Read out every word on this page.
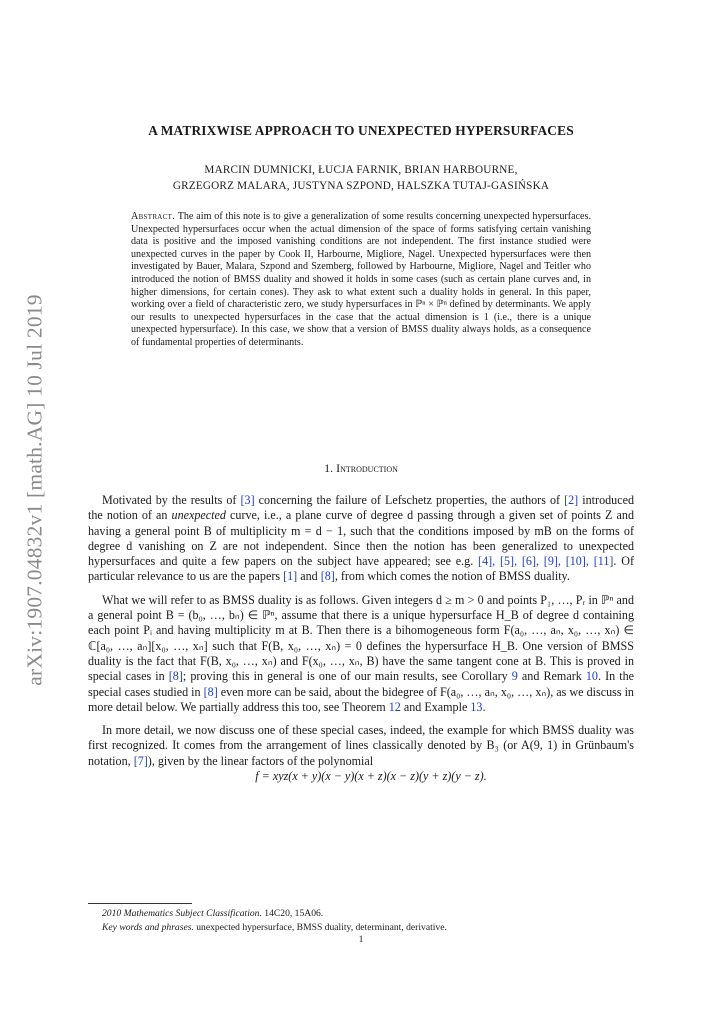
arXiv:1907.04832v1 [math.AG] 10 Jul 2019
A MATRIXWISE APPROACH TO UNEXPECTED HYPERSURFACES
MARCIN DUMNICKI, ŁUCJA FARNIK, BRIAN HARBOURNE,
GRZEGORZ MALARA, JUSTYNA SZPOND, HALSZKA TUTAJ-GASIŃSKA
Abstract. The aim of this note is to give a generalization of some results concerning unexpected hypersurfaces. Unexpected hypersurfaces occur when the actual dimension of the space of forms satisfying certain vanishing data is positive and the imposed vanishing conditions are not independent. The first instance studied were unexpected curves in the paper by Cook II, Harbourne, Migliore, Nagel. Unexpected hypersurfaces were then investigated by Bauer, Malara, Szpond and Szemberg, followed by Harbourne, Migliore, Nagel and Teitler who introduced the notion of BMSS duality and showed it holds in some cases (such as certain plane curves and, in higher dimensions, for certain cones). They ask to what extent such a duality holds in general. In this paper, working over a field of characteristic zero, we study hypersurfaces in ℙⁿ × ℙⁿ defined by determinants. We apply our results to unexpected hypersurfaces in the case that the actual dimension is 1 (i.e., there is a unique unexpected hypersurface). In this case, we show that a version of BMSS duality always holds, as a consequence of fundamental properties of determinants.
1. Introduction

Motivated by the results of [3] concerning the failure of Lefschetz properties, the authors of [2] introduced the notion of an unexpected curve, i.e., a plane curve of degree d passing through a given set of points Z and having a general point B of multiplicity m = d − 1, such that the conditions imposed by mB on the forms of degree d vanishing on Z are not independent. Since then the notion has been generalized to unexpected hypersurfaces and quite a few papers on the subject have appeared; see e.g. [4], [5], [6], [9], [10], [11]. Of particular relevance to us are the papers [1] and [8], from which comes the notion of BMSS duality.

What we will refer to as BMSS duality is as follows. Given integers d ≥ m > 0 and points P₁, …, Pᵣ in ℙⁿ and a general point B = (b₀, …, bₙ) ∈ ℙⁿ, assume that there is a unique hypersurface H_B of degree d containing each point Pᵢ and having multiplicity m at B. Then there is a bihomogeneous form F(a₀, …, aₙ, x₀, …, xₙ) ∈ ℂ[a₀, …, aₙ][x₀, …, xₙ] such that F(B, x₀, …, xₙ) = 0 defines the hypersurface H_B. One version of BMSS duality is the fact that F(B, x₀, …, xₙ) and F(x₀, …, xₙ, B) have the same tangent cone at B. This is proved in special cases in [8]; proving this in general is one of our main results, see Corollary 9 and Remark 10. In the special cases studied in [8] even more can be said, about the bidegree of F(a₀, …, aₙ, x₀, …, xₙ), as we discuss in more detail below. We partially address this too, see Theorem 12 and Example 13.

In more detail, we now discuss one of these special cases, indeed, the example for which BMSS duality was first recognized. It comes from the arrangement of lines classically denoted by B₃ (or A(9, 1) in Grünbaum's notation, [7]), given by the linear factors of the polynomial

f = xyz(x + y)(x − y)(x + z)(x − z)(y + z)(y − z).

2010 Mathematics Subject Classification. 14C20, 15A06.
Key words and phrases. unexpected hypersurface, BMSS duality, determinant, derivative.
1
